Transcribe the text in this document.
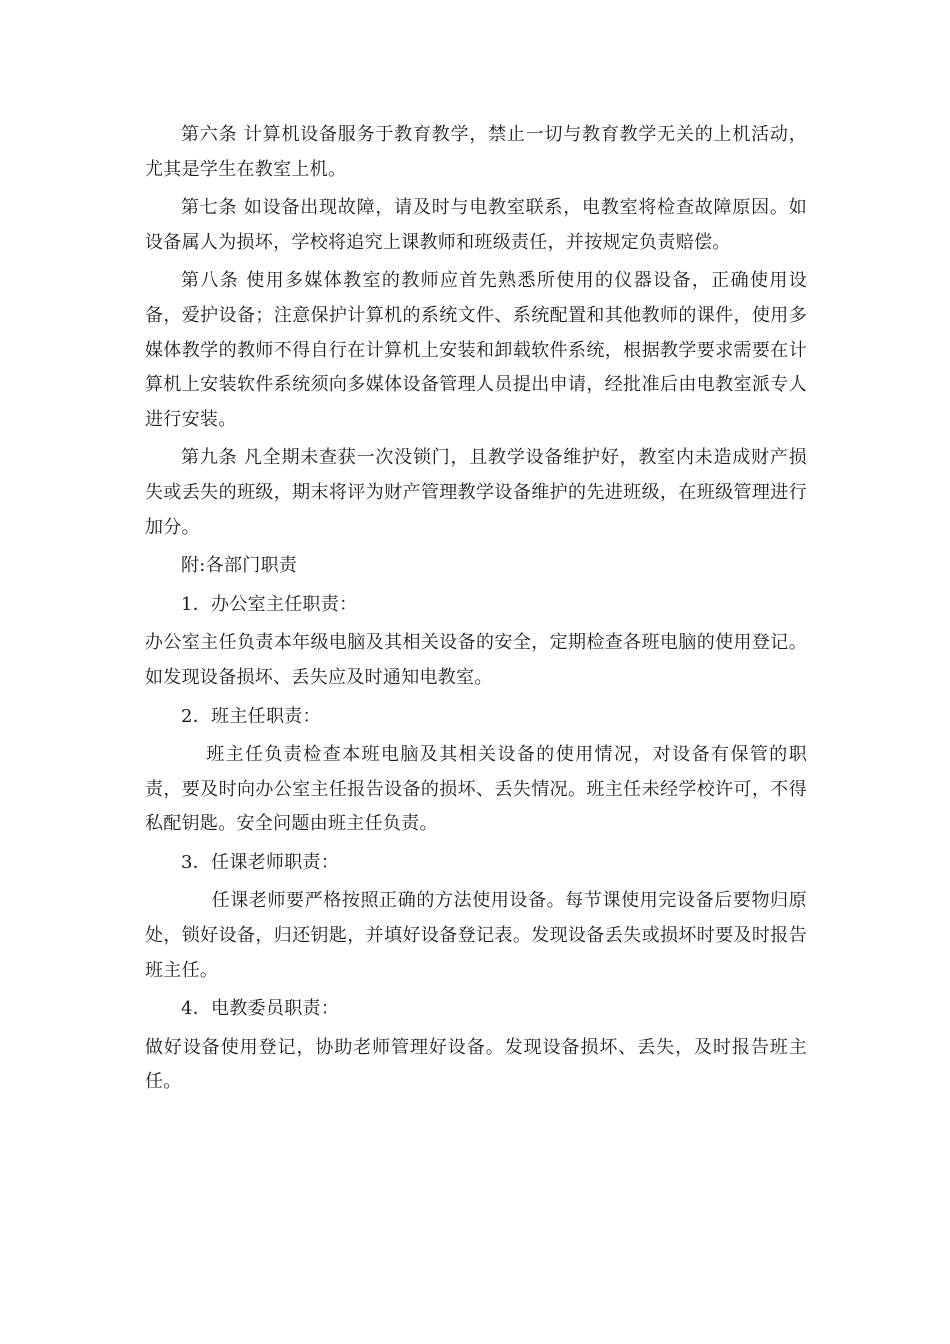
第六条 计算机设备服务于教育教学，禁止一切与教育教学无关的上机活动，尤其是学生在教室上机。

第七条 如设备出现故障，请及时与电教室联系，电教室将检查故障原因。如设备属人为损坏，学校将追究上课教师和班级责任，并按规定负责赔偿。

第八条 使用多媒体教室的教师应首先熟悉所使用的仪器设备，正确使用设备，爱护设备；注意保护计算机的系统文件、系统配置和其他教师的课件，使用多媒体教学的教师不得自行在计算机上安装和卸载软件系统，根据教学要求需要在计算机上安装软件系统须向多媒体设备管理人员提出申请，经批准后由电教室派专人进行安装。

第九条 凡全期未查获一次没锁门，且教学设备维护好，教室内未造成财产损失或丢失的班级，期末将评为财产管理教学设备维护的先进班级，在班级管理进行加分。

附:各部门职责

1．办公室主任职责：

办公室主任负责本年级电脑及其相关设备的安全，定期检查各班电脑的使用登记。如发现设备损坏、丢失应及时通知电教室。

2．班主任职责：

班主任负责检查本班电脑及其相关设备的使用情况，对设备有保管的职责，要及时向办公室主任报告设备的损坏、丢失情况。班主任未经学校许可，不得私配钥匙。安全问题由班主任负责。

3．任课老师职责：

任课老师要严格按照正确的方法使用设备。每节课使用完设备后要物归原处，锁好设备，归还钥匙，并填好设备登记表。发现设备丢失或损坏时要及时报告班主任。

4．电教委员职责：

做好设备使用登记，协助老师管理好设备。发现设备损坏、丢失，及时报告班主任。
